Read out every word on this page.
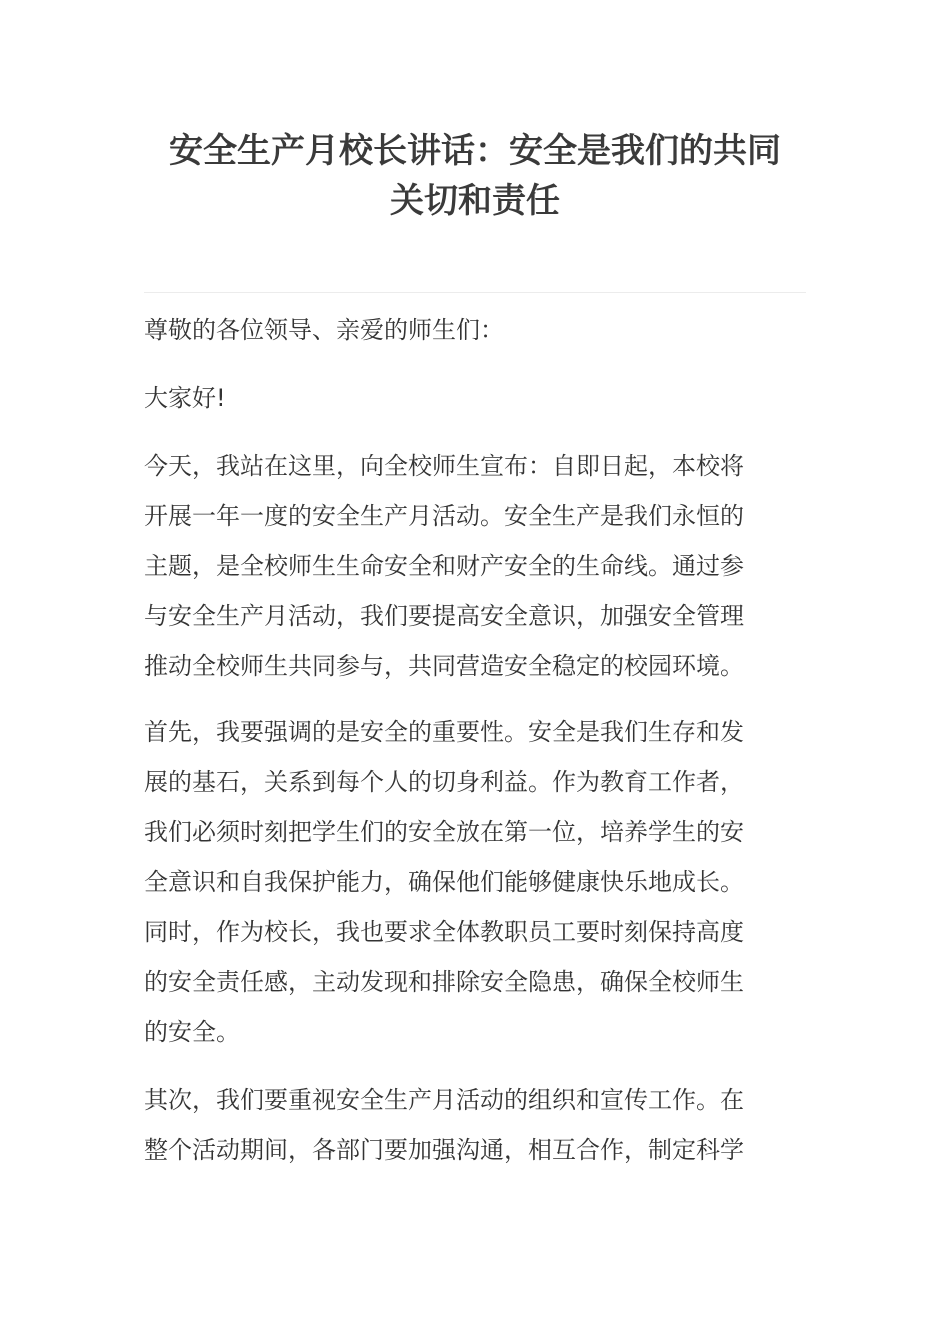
安全生产月校长讲话：安全是我们的共同
关切和责任

尊敬的各位领导、亲爱的师生们：

大家好!

今天，我站在这里，向全校师生宣布：自即日起，本校将
开展一年一度的安全生产月活动。安全生产是我们永恒的
主题，是全校师生生命安全和财产安全的生命线。通过参
与安全生产月活动，我们要提高安全意识，加强安全管理
推动全校师生共同参与，共同营造安全稳定的校园环境。

首先，我要强调的是安全的重要性。安全是我们生存和发
展的基石，关系到每个人的切身利益。作为教育工作者，
我们必须时刻把学生们的安全放在第一位，培养学生的安
全意识和自我保护能力，确保他们能够健康快乐地成长。
同时，作为校长，我也要求全体教职员工要时刻保持高度
的安全责任感，主动发现和排除安全隐患，确保全校师生
的安全。

其次，我们要重视安全生产月活动的组织和宣传工作。在
整个活动期间，各部门要加强沟通，相互合作，制定科学
